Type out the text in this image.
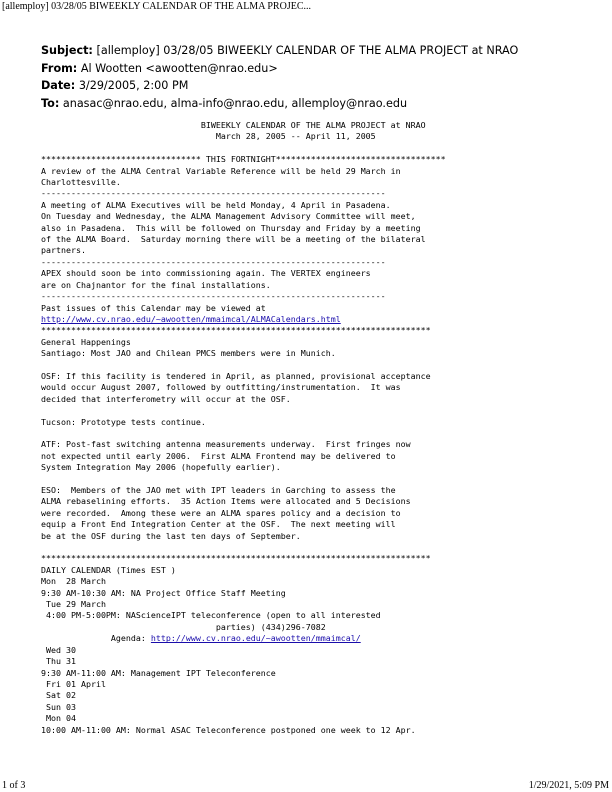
[allemploy] 03/28/05 BIWEEKLY CALENDAR OF THE ALMA PROJEC...
Subject: [allemploy] 03/28/05 BIWEEKLY CALENDAR OF THE ALMA PROJECT at NRAO
From: Al Wootten <awootten@nrao.edu>
Date: 3/29/2005, 2:00 PM
To: anasac@nrao.edu, alma-info@nrao.edu, allemploy@nrao.edu
BIWEEKLY CALENDAR OF THE ALMA PROJECT at NRAO
March 28, 2005 -- April 11, 2005

******************************** THIS FORTNIGHT**********************************
A review of the ALMA Central Variable Reference will be held 29 March in
Charlottesville.
---------------------------------------------------------------------
A meeting of ALMA Executives will be held Monday, 4 April in Pasadena.
On Tuesday and Wednesday, the ALMA Management Advisory Committee will meet,
also in Pasadena.  This will be followed on Thursday and Friday by a meeting
of the ALMA Board.  Saturday morning there will be a meeting of the bilateral
partners.
---------------------------------------------------------------------
APEX should soon be into commissioning again. The VERTEX engineers
are on Chajnantor for the final installations.
---------------------------------------------------------------------
Past issues of this Calendar may be viewed at
http://www.cv.nrao.edu/~awootten/mmaimcal/ALMACalendars.html
******************************************************************************
General Happenings
Santiago: Most JAO and Chilean PMCS members were in Munich.

OSF: If this facility is tendered in April, as planned, provisional acceptance
would occur August 2007, followed by outfitting/instrumentation.  It was
decided that interferometry will occur at the OSF.

Tucson: Prototype tests continue.

ATF: Post-fast switching antenna measurements underway.  First fringes now
not expected until early 2006.  First ALMA Frontend may be delivered to
System Integration May 2006 (hopefully earlier).

ESO:  Members of the JAO met with IPT leaders in Garching to assess the
ALMA rebaselining efforts.  35 Action Items were allocated and 5 Decisions
were recorded.  Among these were an ALMA spares policy and a decision to
equip a Front End Integration Center at the OSF.  The next meeting will
be at the OSF during the last ten days of September.

******************************************************************************
DAILY CALENDAR (Times EST )
Mon  28 March
9:30 AM-10:30 AM: NA Project Office Staff Meeting
Tue 29 March
4:00 PM-5:00PM: NAScienceIPT teleconference (open to all interested
parties) (434)296-7082
Agenda: http://www.cv.nrao.edu/~awootten/mmaimcal/
Wed 30
Thu 31
9:30 AM-11:00 AM: Management IPT Teleconference
Fri 01 April
Sat 02
Sun 03
Mon 04
10:00 AM-11:00 AM: Normal ASAC Teleconference postponed one week to 12 Apr.
1 of 3	1/29/2021, 5:09 PM
